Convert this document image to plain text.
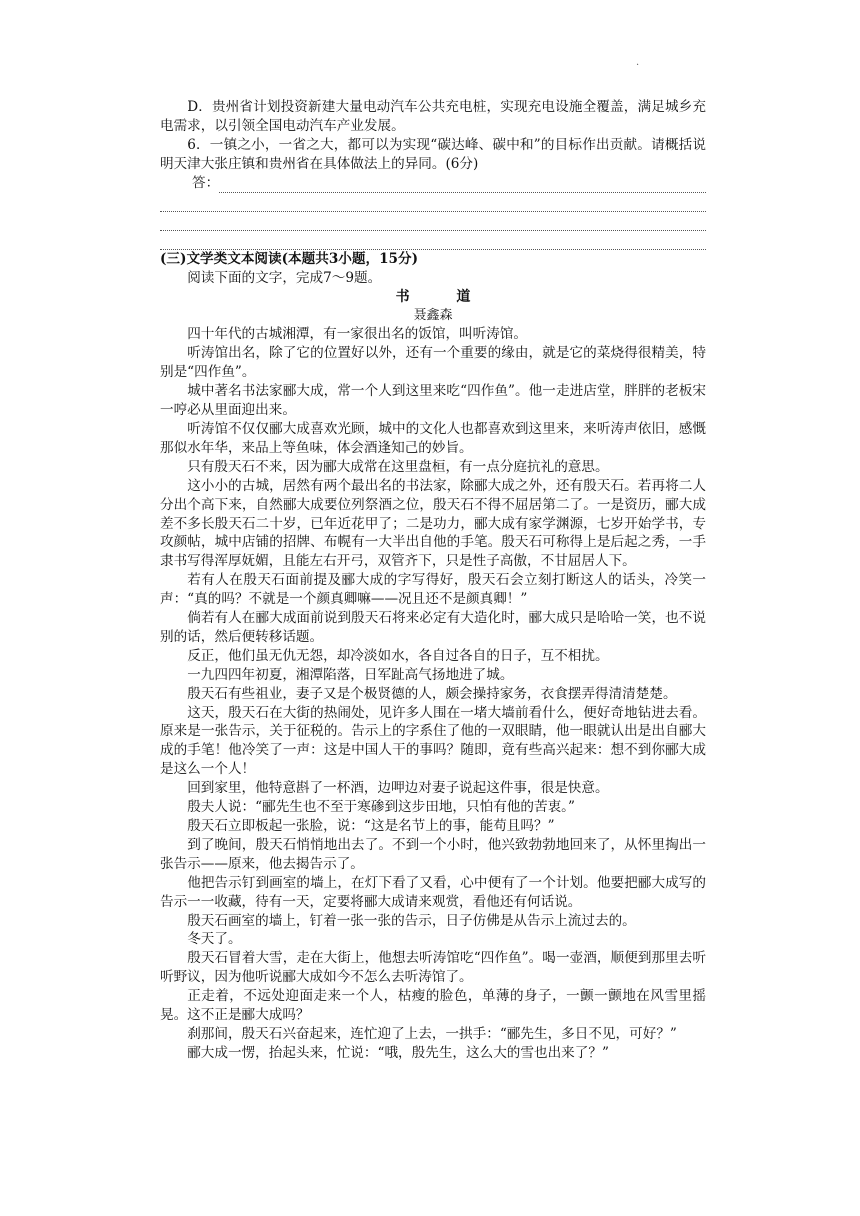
·

D．贵州省计划投资新建大量电动汽车公共充电桩，实现充电设施全覆盖，满足城乡充电需求，以引领全国电动汽车产业发展。

6．一镇之小，一省之大，都可以为实现“碳达峰、碳中和”的目标作出贡献。请概括说明天津大张庄镇和贵州省在具体做法上的异同。(6分)

答：

(三)文学类文本阅读(本题共3小题，15分)

阅读下面的文字，完成7～9题。

书 道

聂鑫森

四十年代的古城湘潭，有一家很出名的饭馆，叫听涛馆。

听涛馆出名，除了它的位置好以外，还有一个重要的缘由，就是它的菜烧得很精美，特别是“四作鱼”。

城中著名书法家郦大成，常一个人到这里来吃“四作鱼”。他一走进店堂，胖胖的老板宋一哼必从里面迎出来。

听涛馆不仅仅郦大成喜欢光顾，城中的文化人也都喜欢到这里来，来听涛声依旧，感慨那似水年华，来品上等鱼味，体会酒逢知己的妙旨。

只有殷天石不来，因为郦大成常在这里盘桓，有一点分庭抗礼的意思。

这小小的古城，居然有两个最出名的书法家，除郦大成之外，还有殷天石。若再将二人分出个高下来，自然郦大成要位列祭酒之位，殷天石不得不屈居第二了。一是资历，郦大成差不多长殷天石二十岁，已年近花甲了；二是功力，郦大成有家学渊源，七岁开始学书，专攻颜帖，城中店铺的招牌、布幌有一大半出自他的手笔。殷天石可称得上是后起之秀，一手隶书写得浑厚妩媚，且能左右开弓，双管齐下，只是性子高傲，不甘屈居人下。

若有人在殷天石面前提及郦大成的字写得好，殷天石会立刻打断这人的话头，冷笑一声：“真的吗？不就是一个颜真卿嘛——况且还不是颜真卿！”

倘若有人在郦大成面前说到殷天石将来必定有大造化时，郦大成只是哈哈一笑，也不说别的话，然后便转移话题。

反正，他们虽无仇无怨，却冷淡如水，各自过各自的日子，互不相扰。

一九四四年初夏，湘潭陷落，日军趾高气扬地进了城。

殷天石有些祖业，妻子又是个极贤德的人，颇会操持家务，衣食摆弄得清清楚楚。

这天，殷天石在大街的热闹处，见许多人围在一堵大墙前看什么，便好奇地钻进去看。原来是一张告示，关于征税的。告示上的字系住了他的一双眼睛，他一眼就认出是出自郦大成的手笔！他冷笑了一声：这是中国人干的事吗？随即，竟有些高兴起来：想不到你郦大成是这么一个人！

回到家里，他特意斟了一杯酒，边呷边对妻子说起这件事，很是快意。

殷夫人说：“郦先生也不至于寒碜到这步田地，只怕有他的苦衷。”

殷天石立即板起一张脸，说：“这是名节上的事，能苟且吗？”

到了晚间，殷天石悄悄地出去了。不到一个小时，他兴致勃勃地回来了，从怀里掏出一张告示——原来，他去揭告示了。

他把告示钉到画室的墙上，在灯下看了又看，心中便有了一个计划。他要把郦大成写的告示一一收藏，待有一天，定要将郦大成请来观赏，看他还有何话说。

殷天石画室的墙上，钉着一张一张的告示，日子仿佛是从告示上流过去的。

冬天了。

殷天石冒着大雪，走在大街上，他想去听涛馆吃“四作鱼”。喝一壶酒，顺便到那里去听听野议，因为他听说郦大成如今不怎么去听涛馆了。

正走着，不远处迎面走来一个人，枯瘦的脸色，单薄的身子，一颤一颤地在风雪里摇晃。这不正是郦大成吗？

刹那间，殷天石兴奋起来，连忙迎了上去，一拱手：“郦先生，多日不见，可好？”

郦大成一愣，抬起头来，忙说：“哦，殷先生，这么大的雪也出来了？”
